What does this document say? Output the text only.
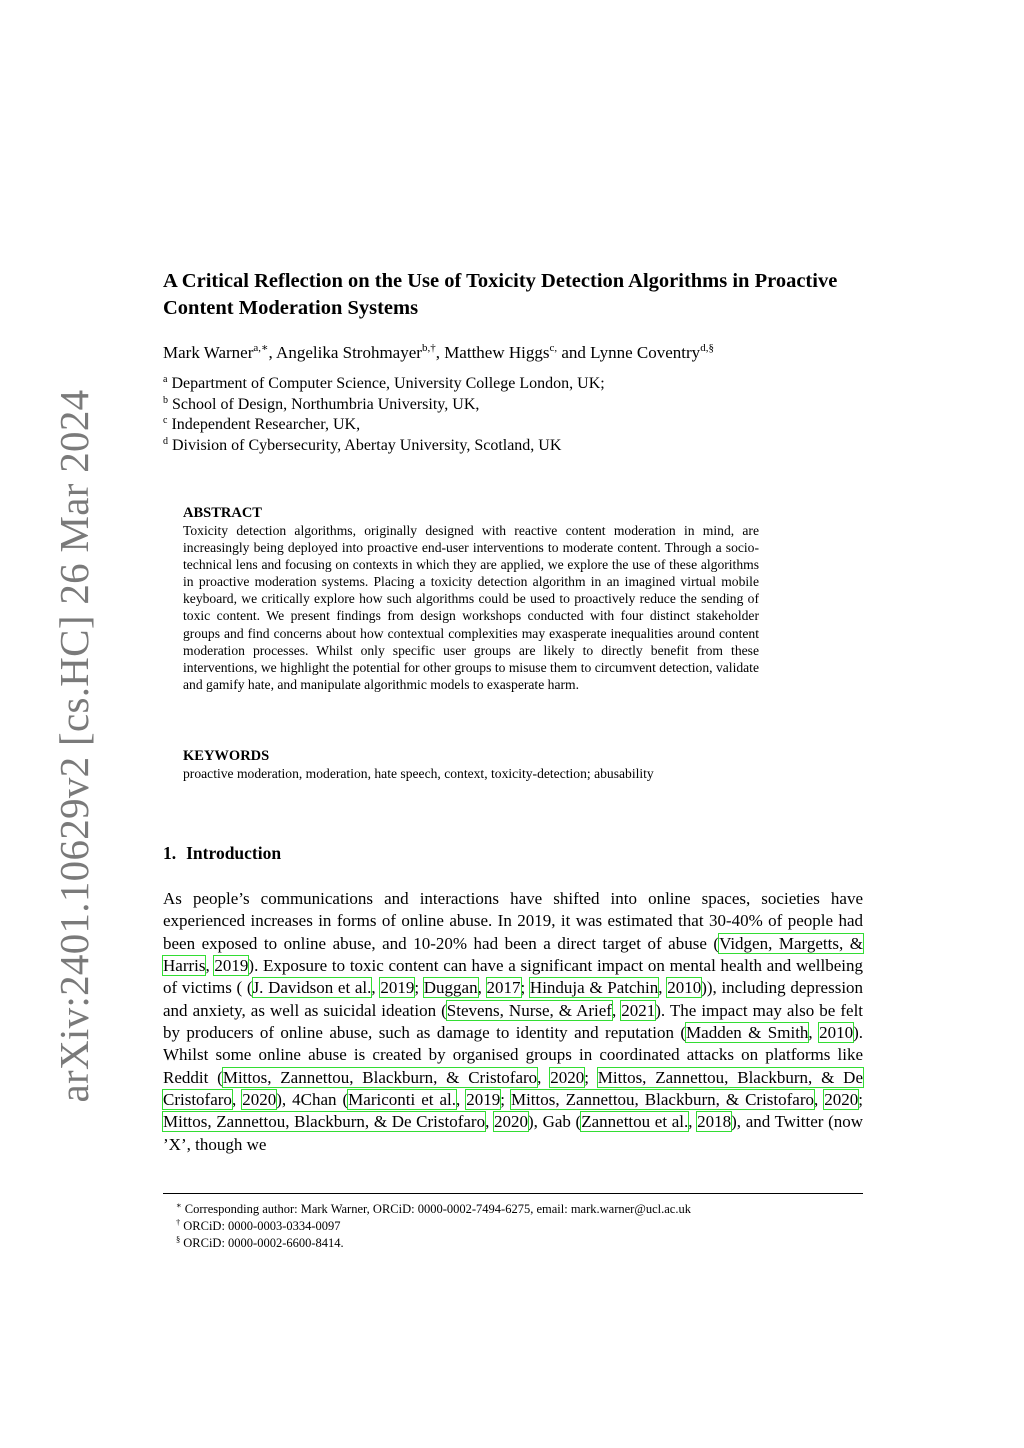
arXiv:2401.10629v2 [cs.HC] 26 Mar 2024
A Critical Reflection on the Use of Toxicity Detection Algorithms in Proactive Content Moderation Systems

Mark Warner$^{a,∗}$, Angelika Strohmayer$^{b,\dagger}$, Matthew Higgs$^{c,}$ and Lynne Coventry$^{d,\S}$

$^a$ Department of Computer Science, University College London, UK;
$^b$ School of Design, Northumbria University, UK,
$^c$ Independent Researcher, UK,
$^d$ Division of Cybersecurity, Abertay University, Scotland, UK

ABSTRACT

Toxicity detection algorithms, originally designed with reactive content moderation in mind, are increasingly being deployed into proactive end-user interventions to moderate content. Through a socio-technical lens and focusing on contexts in which they are applied, we explore the use of these algorithms in proactive moderation systems. Placing a toxicity detection algorithm in an imagined virtual mobile keyboard, we critically explore how such algorithms could be used to proactively reduce the sending of toxic content. We present findings from design workshops conducted with four distinct stakeholder groups and find concerns about how contextual complexities may exasperate inequalities around content moderation processes. Whilst only specific user groups are likely to directly benefit from these interventions, we highlight the potential for other groups to misuse them to circumvent detection, validate and gamify hate, and manipulate algorithmic models to exasperate harm.

KEYWORDS

proactive moderation, moderation, hate speech, context, toxicity-detection; abusability

1. Introduction

As people’s communications and interactions have shifted into online spaces, societies have experienced increases in forms of online abuse. In 2019, it was estimated that 30-40% of people had been exposed to online abuse, and 10-20% had been a direct target of abuse (Vidgen, Margetts, & Harris, 2019). Exposure to toxic content can have a significant impact on mental health and wellbeing of victims ( (J. Davidson et al., 2019; Duggan, 2017; Hinduja & Patchin, 2010)), including depression and anxiety, as well as suicidal ideation (Stevens, Nurse, & Arief, 2021). The impact may also be felt by producers of online abuse, such as damage to identity and reputation (Madden & Smith, 2010). Whilst some online abuse is created by organised groups in coordinated attacks on platforms like Reddit (Mittos, Zannettou, Blackburn, & Cristofaro, 2020; Mittos, Zannettou, Blackburn, & De Cristofaro, 2020), 4Chan (Mariconti et al., 2019; Mittos, Zannettou, Blackburn, & Cristofaro, 2020; Mittos, Zannettou, Blackburn, & De Cristofaro, 2020), Gab (Zannettou et al., 2018), and Twitter (now ’X’, though we

∗ Corresponding author: Mark Warner, ORCiD: 0000-0002-7494-6275, email: mark.warner@ucl.ac.uk

† ORCiD: 0000-0003-0334-0097

§ ORCiD: 0000-0002-6600-8414.
